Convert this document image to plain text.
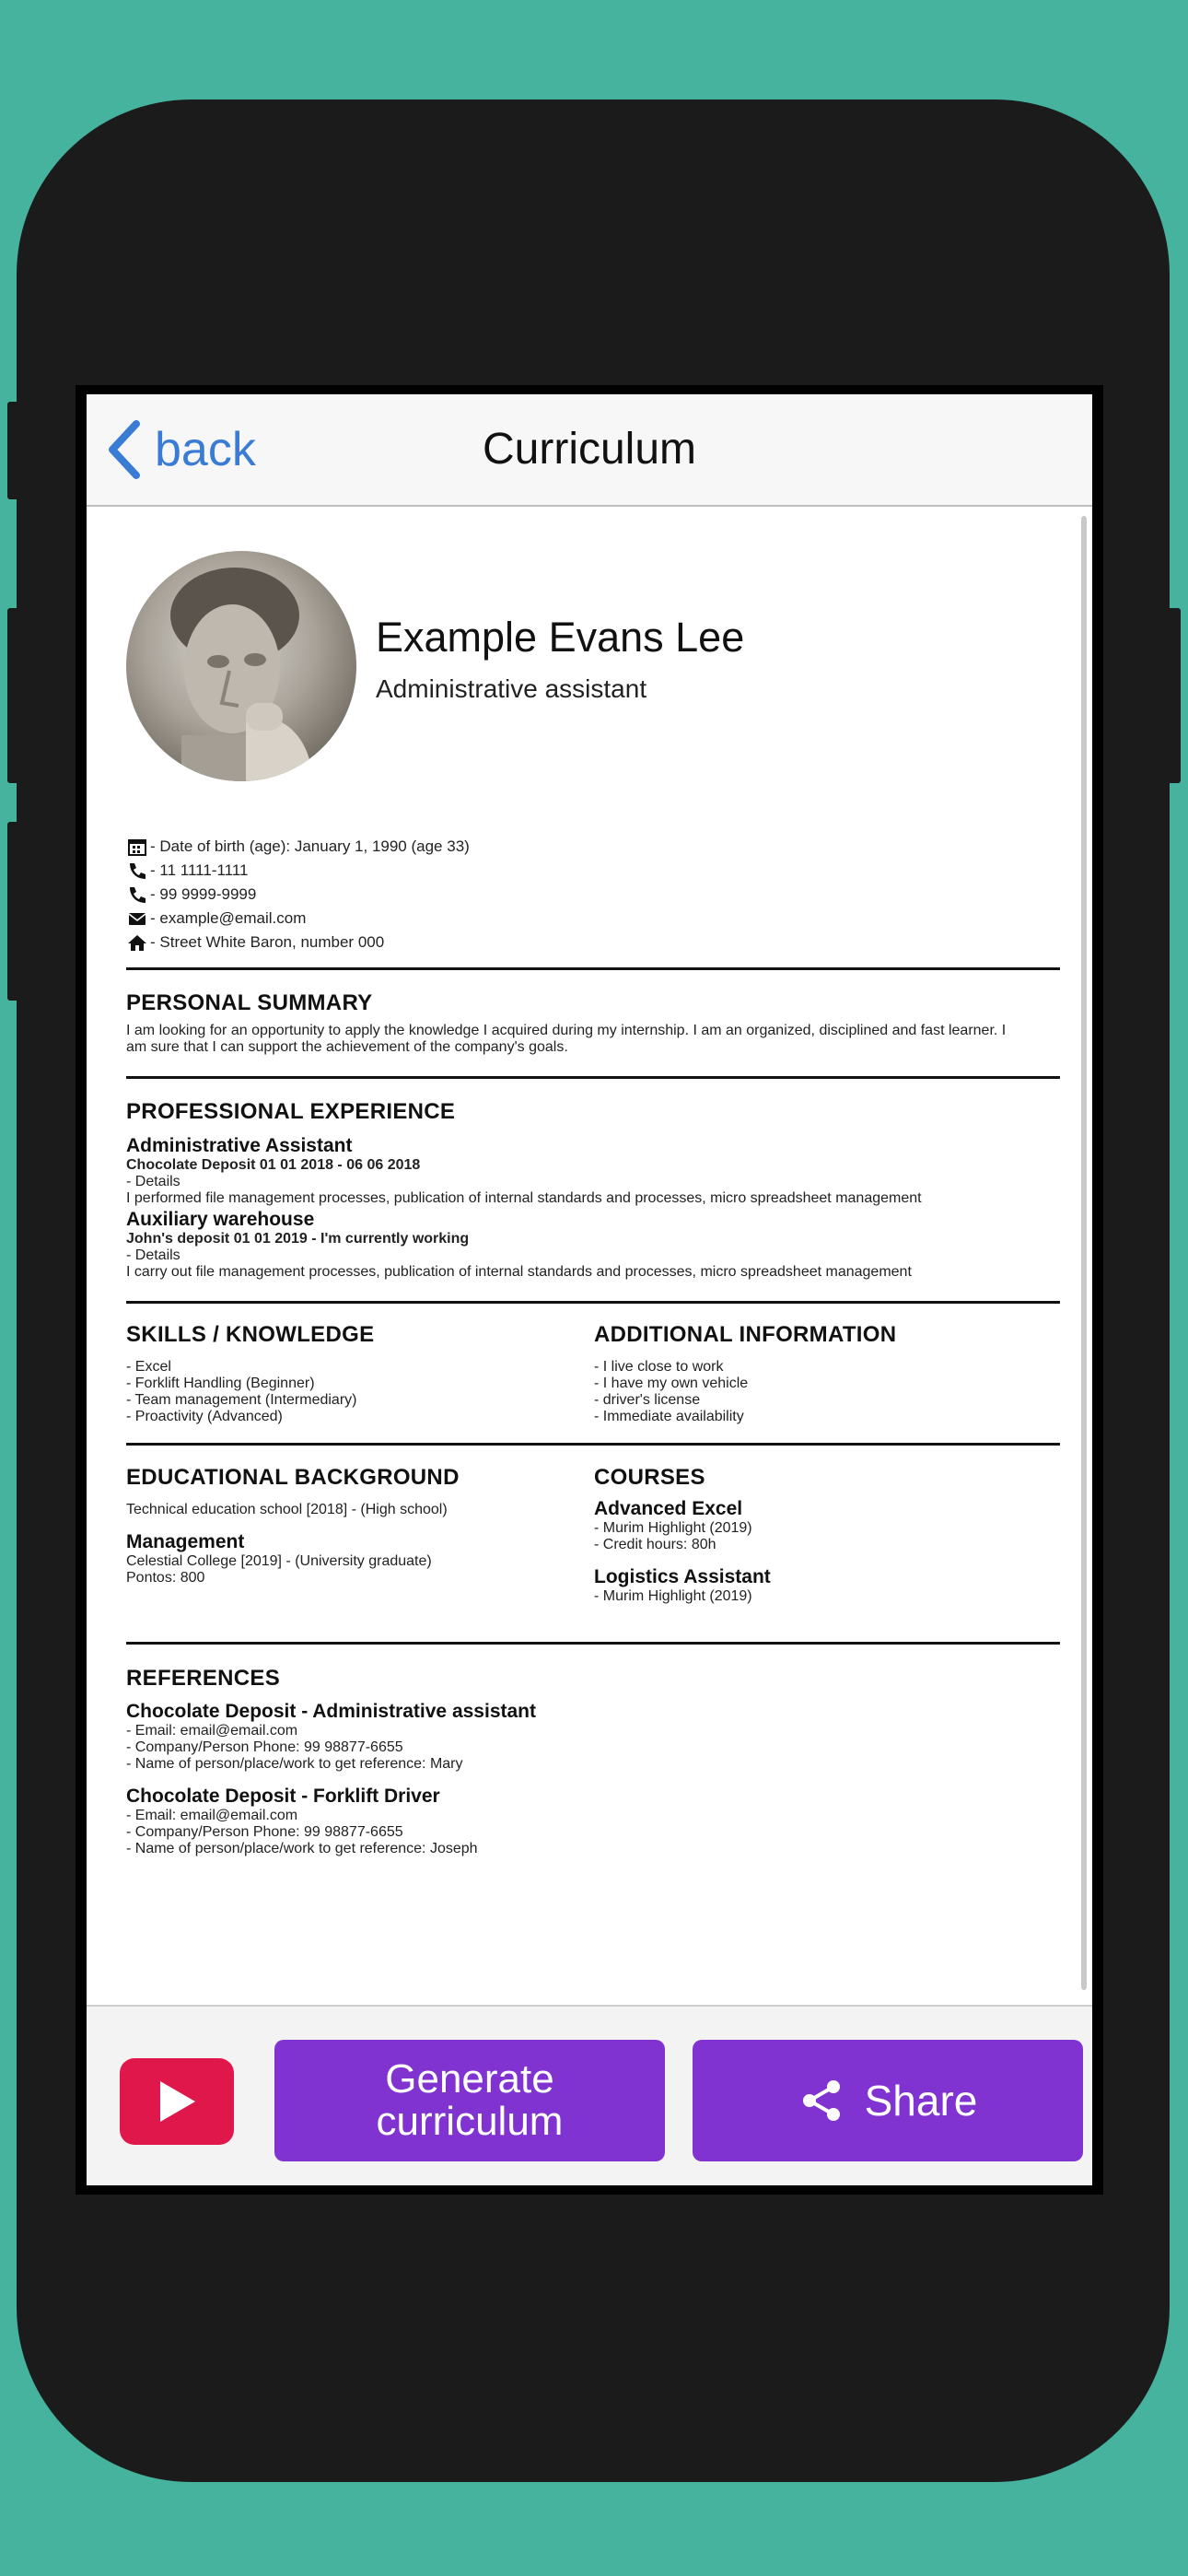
Curriculum
back
Example Evans Lee
Administrative assistant
- Date of birth (age): January 1, 1990 (age 33)
- 11 1111-1111
- 99 9999-9999
- example@email.com
- Street White Baron, number 000
PERSONAL SUMMARY
I am looking for an opportunity to apply the knowledge I acquired during my internship. I am an organized, disciplined and fast learner. I
am sure that I can support the achievement of the company's goals.
PROFESSIONAL EXPERIENCE
Administrative Assistant
Chocolate Deposit 01 01 2018 - 06 06 2018
- Details
I performed file management processes, publication of internal standards and processes, micro spreadsheet management
Auxiliary warehouse
John's deposit 01 01 2019 - I'm currently working
- Details
I carry out file management processes, publication of internal standards and processes, micro spreadsheet management
SKILLS / KNOWLEDGE
- Excel
- Forklift Handling (Beginner)
- Team management (Intermediary)
- Proactivity (Advanced)
ADDITIONAL INFORMATION
- I live close to work
- I have my own vehicle
- driver's license
- Immediate availability
EDUCATIONAL BACKGROUND
Technical education school [2018] - (High school)
Management
Celestial College [2019] - (University graduate)
Pontos: 800
COURSES
Advanced Excel
- Murim Highlight (2019)
- Credit hours: 80h
Logistics Assistant
- Murim Highlight (2019)
REFERENCES
Chocolate Deposit - Administrative assistant
- Email: email@email.com
- Company/Person Phone: 99 98877-6655
- Name of person/place/work to get reference: Mary
Chocolate Deposit - Forklift Driver
- Email: email@email.com
- Company/Person Phone: 99 98877-6655
- Name of person/place/work to get reference: Joseph
Generate
curriculum	Share
